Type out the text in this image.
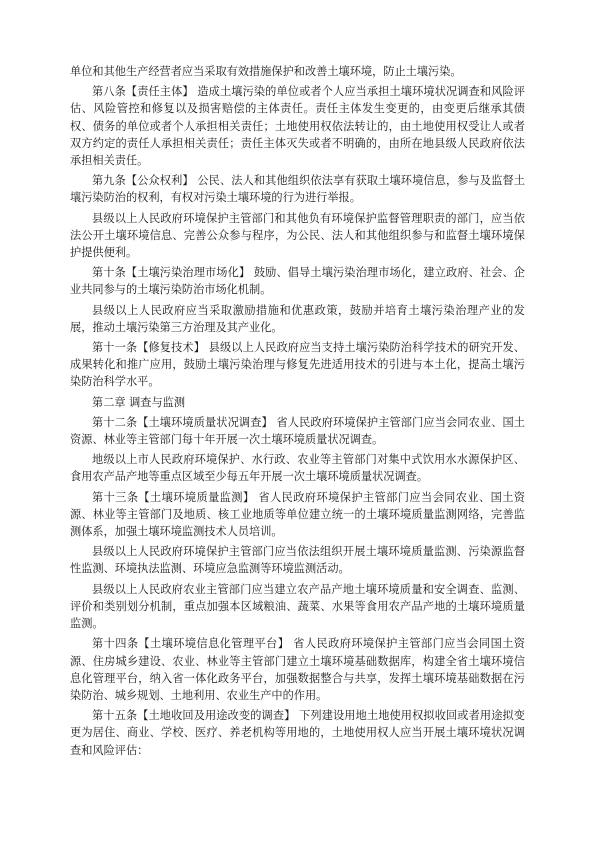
单位和其他生产经营者应当采取有效措施保护和改善土壤环境，防止土壤污染。

第八条【责任主体】 造成土壤污染的单位或者个人应当承担土壤环境状况调查和风险评估、风险管控和修复以及损害赔偿的主体责任。责任主体发生变更的，由变更后继承其债权、债务的单位或者个人承担相关责任；土地使用权依法转让的，由土地使用权受让人或者双方约定的责任人承担相关责任；责任主体灭失或者不明确的，由所在地县级人民政府依法承担相关责任。

第九条【公众权利】 公民、法人和其他组织依法享有获取土壤环境信息，参与及监督土壤污染防治的权利，有权对污染土壤环境的行为进行举报。

县级以上人民政府环境保护主管部门和其他负有环境保护监督管理职责的部门，应当依法公开土壤环境信息、完善公众参与程序，为公民、法人和其他组织参与和监督土壤环境保护提供便利。

第十条【土壤污染治理市场化】 鼓励、倡导土壤污染治理市场化，建立政府、社会、企业共同参与的土壤污染防治市场化机制。

县级以上人民政府应当采取激励措施和优惠政策，鼓励并培育土壤污染治理产业的发展，推动土壤污染第三方治理及其产业化。

第十一条【修复技术】 县级以上人民政府应当支持土壤污染防治科学技术的研究开发、成果转化和推广应用，鼓励土壤污染治理与修复先进适用技术的引进与本土化，提高土壤污染防治科学水平。

第二章 调查与监测

第十二条【土壤环境质量状况调查】 省人民政府环境保护主管部门应当会同农业、国土资源、林业等主管部门每十年开展一次土壤环境质量状况调查。

地级以上市人民政府环境保护、水行政、农业等主管部门对集中式饮用水水源保护区、食用农产品产地等重点区域至少每五年开展一次土壤环境质量状况调查。

第十三条【土壤环境质量监测】 省人民政府环境保护主管部门应当会同农业、国土资源、林业等主管部门及地质、核工业地质等单位建立统一的土壤环境质量监测网络，完善监测体系，加强土壤环境监测技术人员培训。

县级以上人民政府环境保护主管部门应当依法组织开展土壤环境质量监测、污染源监督性监测、环境执法监测、环境应急监测等环境监测活动。

县级以上人民政府农业主管部门应当建立农产品产地土壤环境质量和安全调查、监测、评价和类别划分机制，重点加强本区域粮油、蔬菜、水果等食用农产品产地的土壤环境质量监测。

第十四条【土壤环境信息化管理平台】 省人民政府环境保护主管部门应当会同国土资源、住房城乡建设、农业、林业等主管部门建立土壤环境基础数据库，构建全省土壤环境信息化管理平台，纳入省一体化政务平台，加强数据整合与共享，发挥土壤环境基础数据在污染防治、城乡规划、土地利用、农业生产中的作用。

第十五条【土地收回及用途改变的调查】 下列建设用地土地使用权拟收回或者用途拟变更为居住、商业、学校、医疗、养老机构等用地的，土地使用权人应当开展土壤环境状况调查和风险评估：
